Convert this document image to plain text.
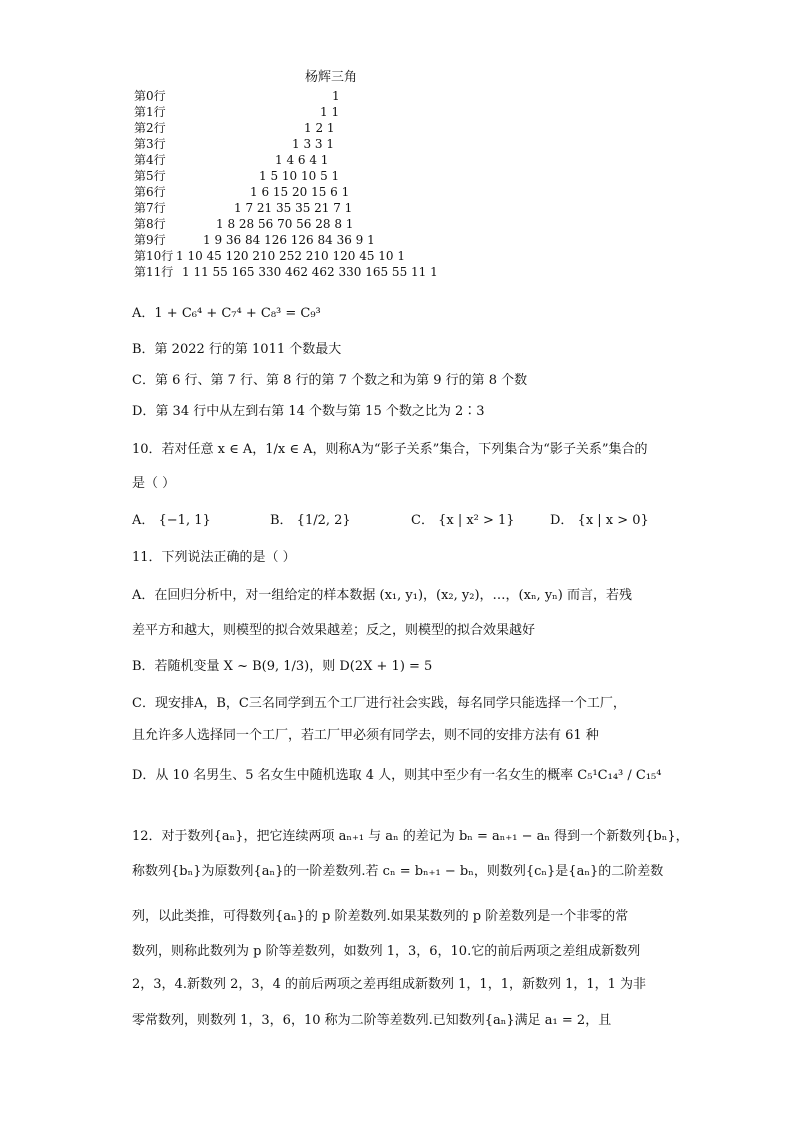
杨辉三角
第0行	1
第1行	1 1
第2行	1 2 1
第3行	1 3 3 1
第4行	1 4 6 4 1
第5行	1 5 10 10 5 1
第6行	1 6 15 20 15 6 1
第7行	1 7 21 35 35 21 7 1
第8行	1 8 28 56 70 56 28 8 1
第9行	1 9 36 84 126 126 84 36 9 1
第10行 1 10 45 120 210 252 210 120 45 10 1
第11行 1 11 55 165 330 462 462 330 165 55 11 1
A．1 + C₆⁴ + C₇⁴ + C₈³ = C₉³
B．第 2022 行的第 1011 个数最大
C．第 6 行、第 7 行、第 8 行的第 7 个数之和为第 9 行的第 8 个数
D．第 34 行中从左到右第 14 个数与第 15 个数之比为 2∶3
10．若对任意 x ∈ A，1/x ∈ A，则称A为“影子关系”集合，下列集合为“影子关系”集合的
是（ ）
A． {−1, 1}	B． {1/2, 2}	C． {x | x² > 1}	D． {x | x > 0}
11．下列说法正确的是（ ）
A．在回归分析中，对一组给定的样本数据 (x₁, y₁)，(x₂, y₂)，…，(xₙ, yₙ) 而言，若残
差平方和越大，则模型的拟合效果越差；反之，则模型的拟合效果越好
B．若随机变量 X ~ B(9, 1/3)，则 D(2X + 1) = 5
C．现安排A，B，C三名同学到五个工厂进行社会实践，每名同学只能选择一个工厂，
且允许多人选择同一个工厂，若工厂甲必须有同学去，则不同的安排方法有 61 种
D．从 10 名男生、5 名女生中随机选取 4 人，则其中至少有一名女生的概率 C₅¹C₁₄³ / C₁₅⁴
12．对于数列{aₙ}，把它连续两项 aₙ₊₁ 与 aₙ 的差记为 bₙ = aₙ₊₁ − aₙ 得到一个新数列{bₙ}，
称数列{bₙ}为原数列{aₙ}的一阶差数列.若 cₙ = bₙ₊₁ − bₙ，则数列{cₙ}是{aₙ}的二阶差数
列，以此类推，可得数列{aₙ}的 p 阶差数列.如果某数列的 p 阶差数列是一个非零的常
数列，则称此数列为 p 阶等差数列，如数列 1，3，6，10.它的前后两项之差组成新数列
2，3，4.新数列 2，3，4 的前后两项之差再组成新数列 1，1，1，新数列 1，1，1 为非
零常数列，则数列 1，3，6，10 称为二阶等差数列.已知数列{aₙ}满足 a₁ = 2，且
